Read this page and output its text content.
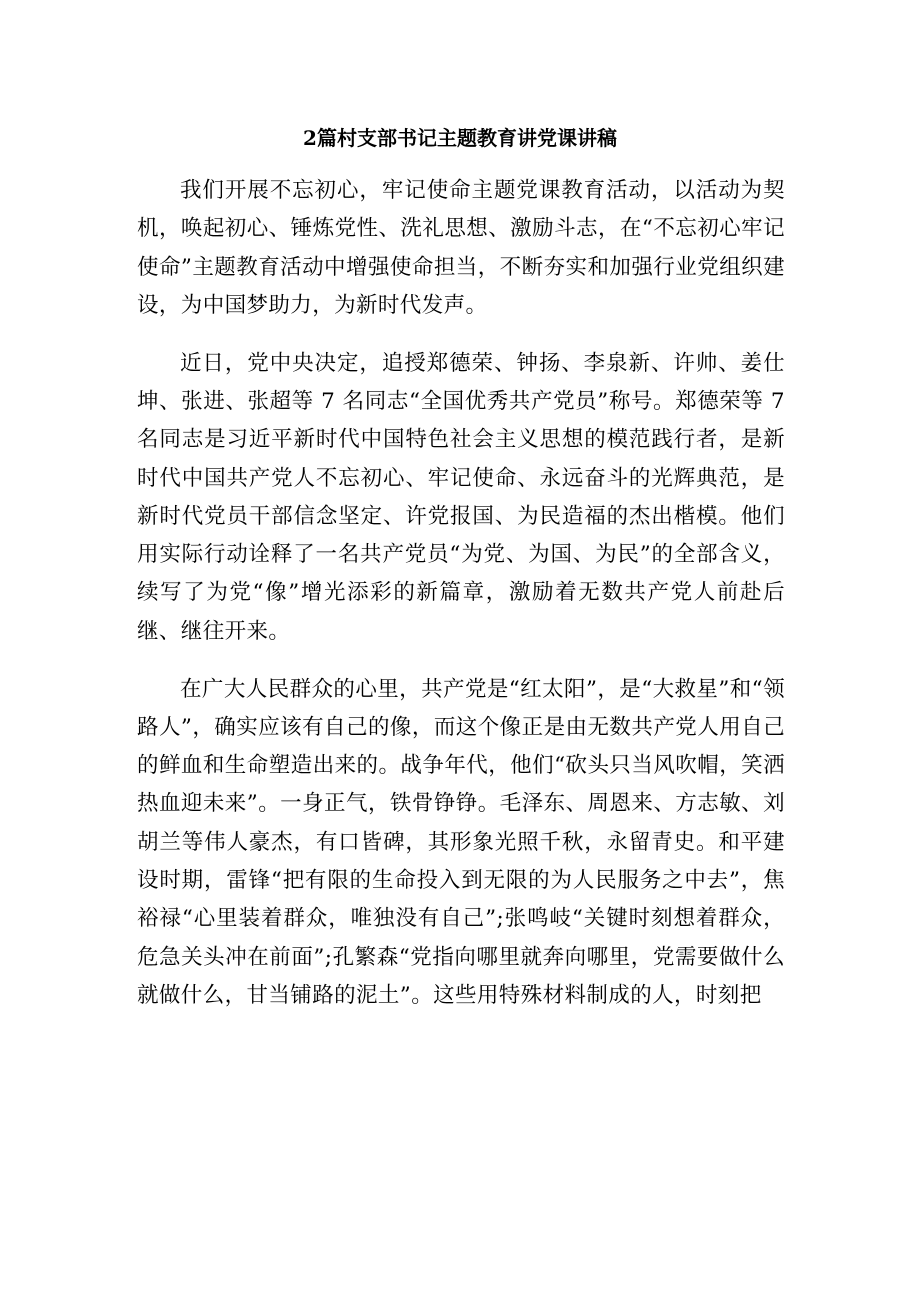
2篇村支部书记主题教育讲党课讲稿

我们开展不忘初心，牢记使命主题党课教育活动，以活动为契机，唤起初心、锤炼党性、洗礼思想、激励斗志，在“不忘初心牢记使命”主题教育活动中增强使命担当，不断夯实和加强行业党组织建设，为中国梦助力，为新时代发声。

近日，党中央决定，追授郑德荣、钟扬、李泉新、许帅、姜仕坤、张进、张超等 7 名同志“全国优秀共产党员”称号。郑德荣等 7 名同志是习近平新时代中国特色社会主义思想的模范践行者，是新时代中国共产党人不忘初心、牢记使命、永远奋斗的光辉典范，是新时代党员干部信念坚定、许党报国、为民造福的杰出楷模。他们用实际行动诠释了一名共产党员“为党、为国、为民”的全部含义，续写了为党“像”增光添彩的新篇章，激励着无数共产党人前赴后继、继往开来。

在广大人民群众的心里，共产党是“红太阳”，是“大救星”和“领路人”，确实应该有自己的像，而这个像正是由无数共产党人用自己的鲜血和生命塑造出来的。战争年代，他们“砍头只当风吹帽，笑洒热血迎未来”。一身正气，铁骨铮铮。毛泽东、周恩来、方志敏、刘胡兰等伟人豪杰，有口皆碑，其形象光照千秋，永留青史。和平建设时期，雷锋“把有限的生命投入到无限的为人民服务之中去”，焦裕禄“心里装着群众，唯独没有自己”;张鸣岐“关键时刻想着群众，危急关头冲在前面”;孔繁森“党指向哪里就奔向哪里，党需要做什么就做什么，甘当铺路的泥土”。这些用特殊材料制成的人，时刻把
